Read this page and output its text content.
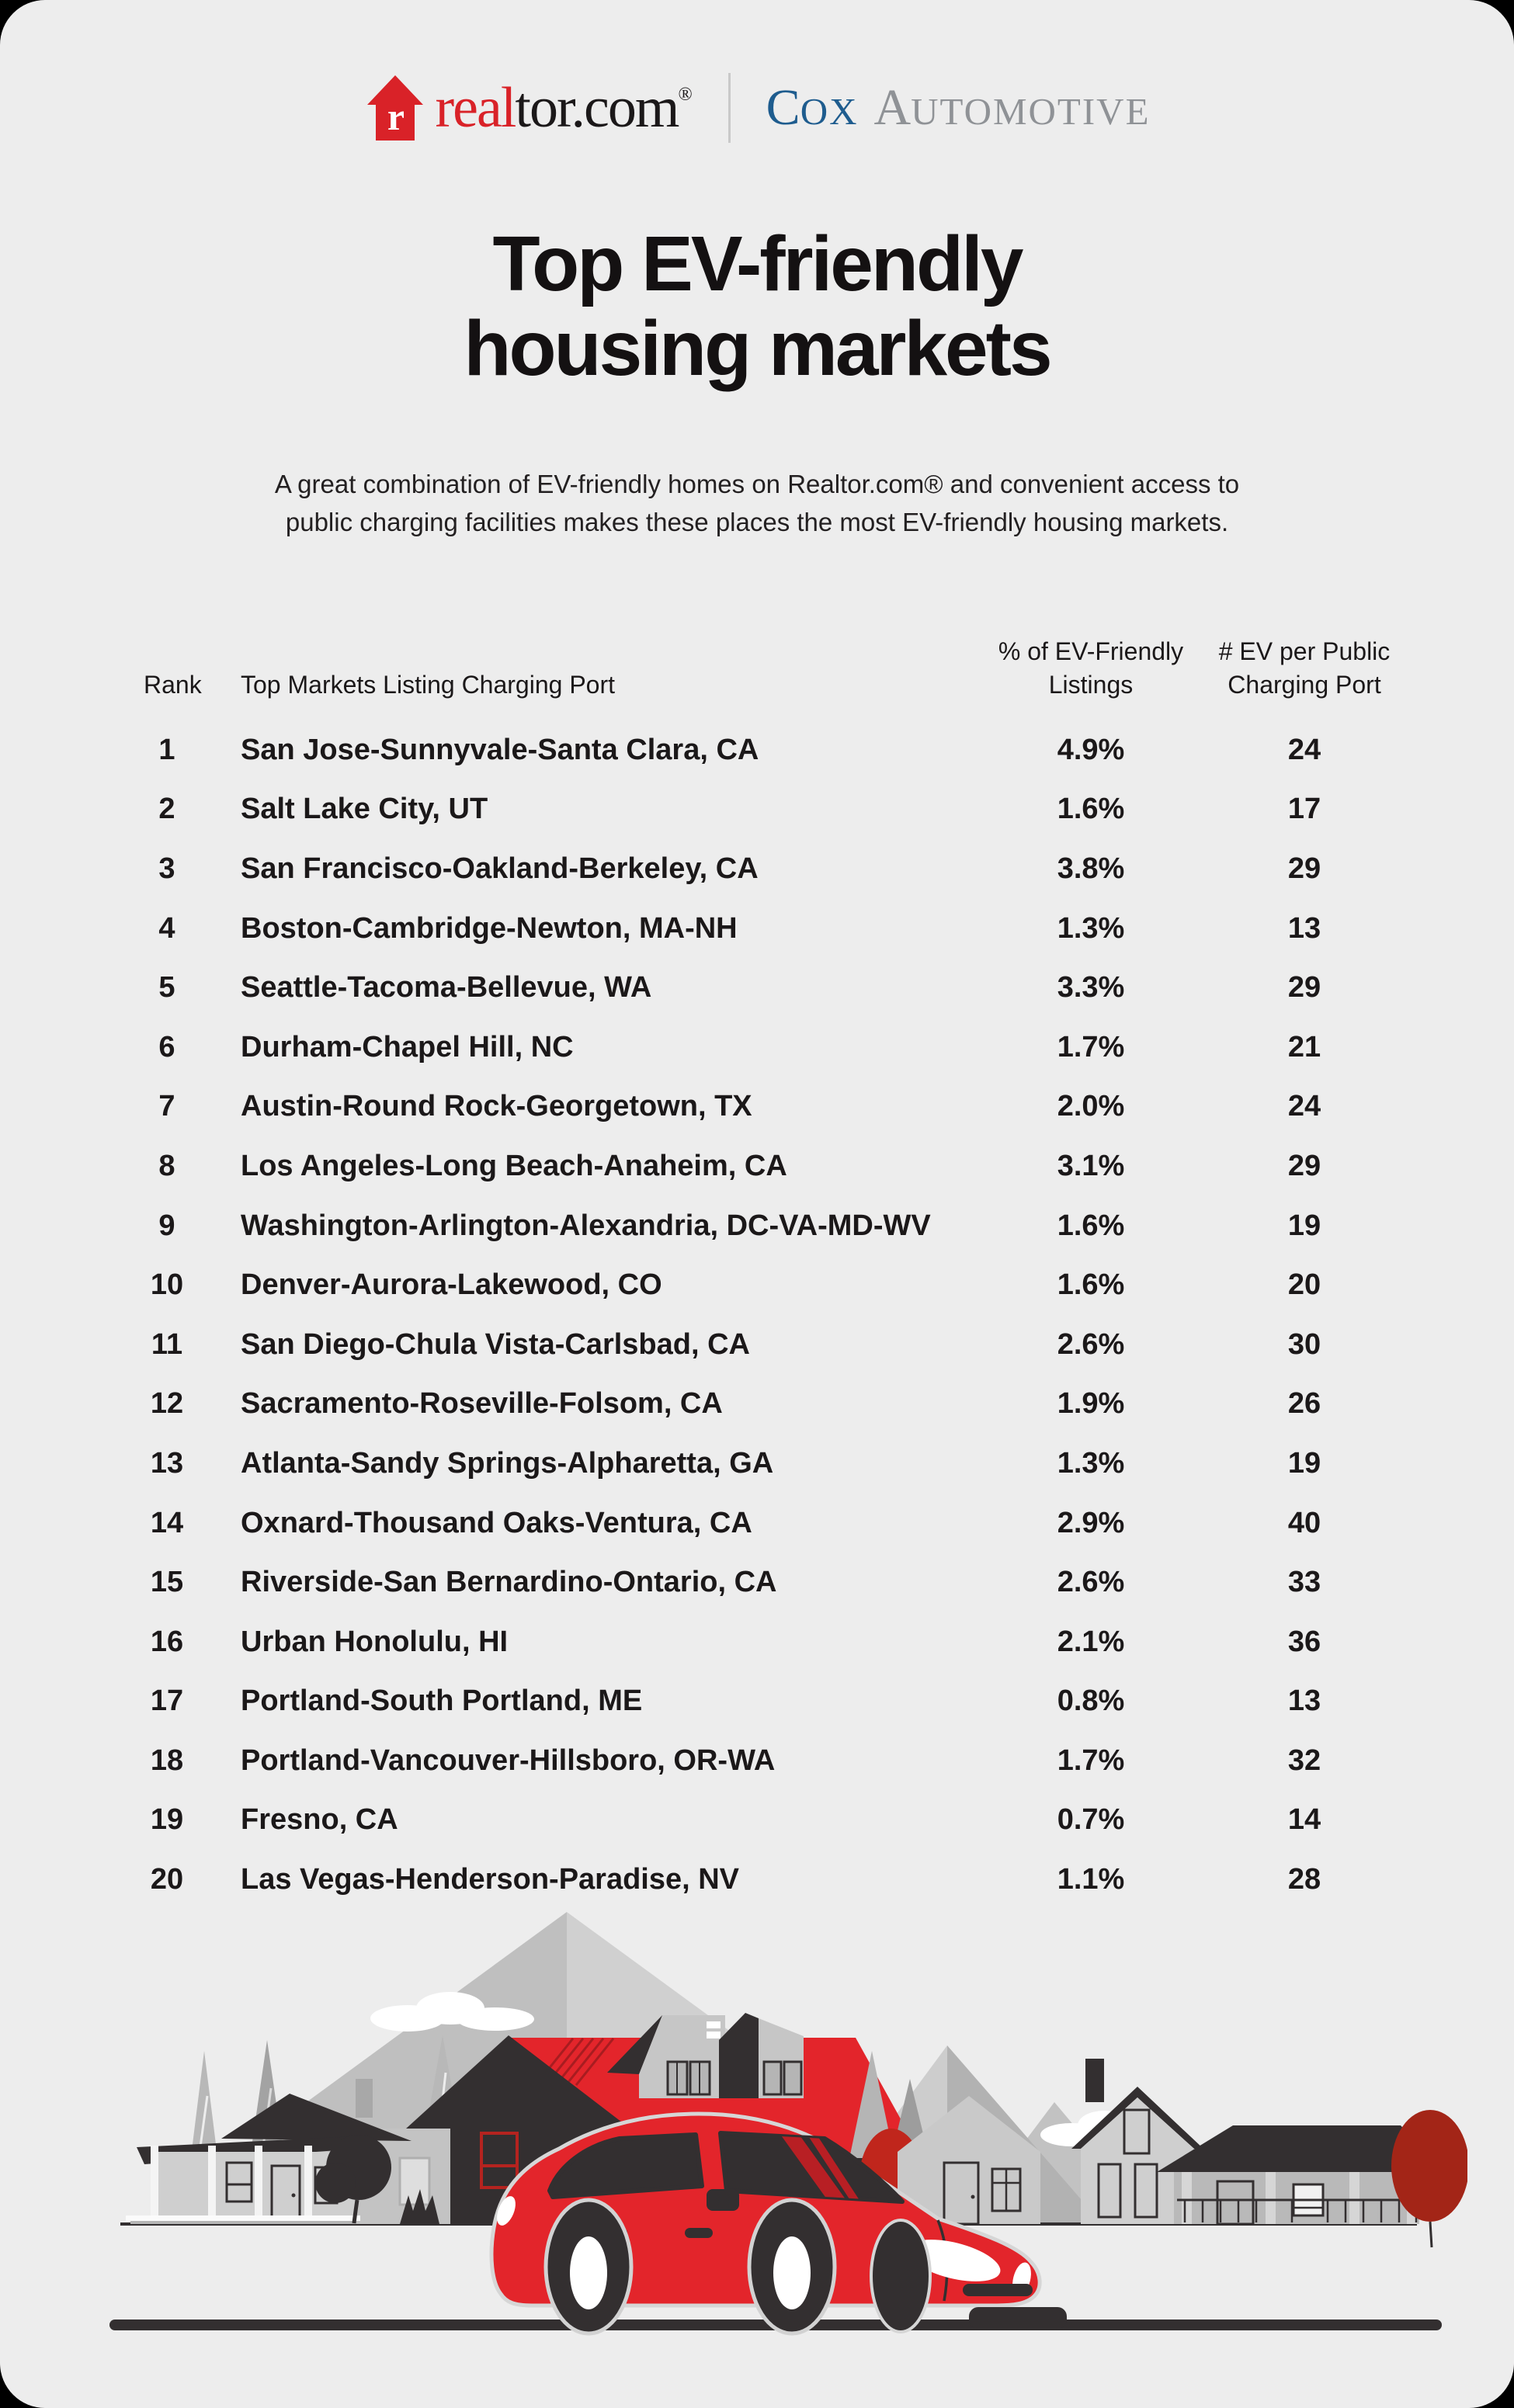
r realtor.com® C OX A UTOMOTIVE
Top EV-friendly
housing markets
A great combination of EV-friendly homes on Realtor.com® and convenient access to
public charging facilities makes these places the most EV-friendly housing markets.
Rank	Top Markets Listing Charging Port
% of EV-Friendly
Listings
# EV per Public
Charging Port
1	San Jose-Sunnyvale-Santa Clara, CA	4.9%	24
2	Salt Lake City, UT	1.6%	17
3	San Francisco-Oakland-Berkeley, CA	3.8%	29
4	Boston-Cambridge-Newton, MA-NH	1.3%	13
5	Seattle-Tacoma-Bellevue, WA	3.3%	29
6	Durham-Chapel Hill, NC	1.7%	21
7	Austin-Round Rock-Georgetown, TX	2.0%	24
8	Los Angeles-Long Beach-Anaheim, CA	3.1%	29
9	Washington-Arlington-Alexandria, DC-VA-MD-WV	1.6%	19
10	Denver-Aurora-Lakewood, CO	1.6%	20
11	San Diego-Chula Vista-Carlsbad, CA	2.6%	30
12	Sacramento-Roseville-Folsom, CA	1.9%	26
13	Atlanta-Sandy Springs-Alpharetta, GA	1.3%	19
14	Oxnard-Thousand Oaks-Ventura, CA	2.9%	40
15	Riverside-San Bernardino-Ontario, CA	2.6%	33
16	Urban Honolulu, HI	2.1%	36
17	Portland-South Portland, ME	0.8%	13
18	Portland-Vancouver-Hillsboro, OR-WA	1.7%	32
19	Fresno, CA	0.7%	14
20	Las Vegas-Henderson-Paradise, NV	1.1%	28
